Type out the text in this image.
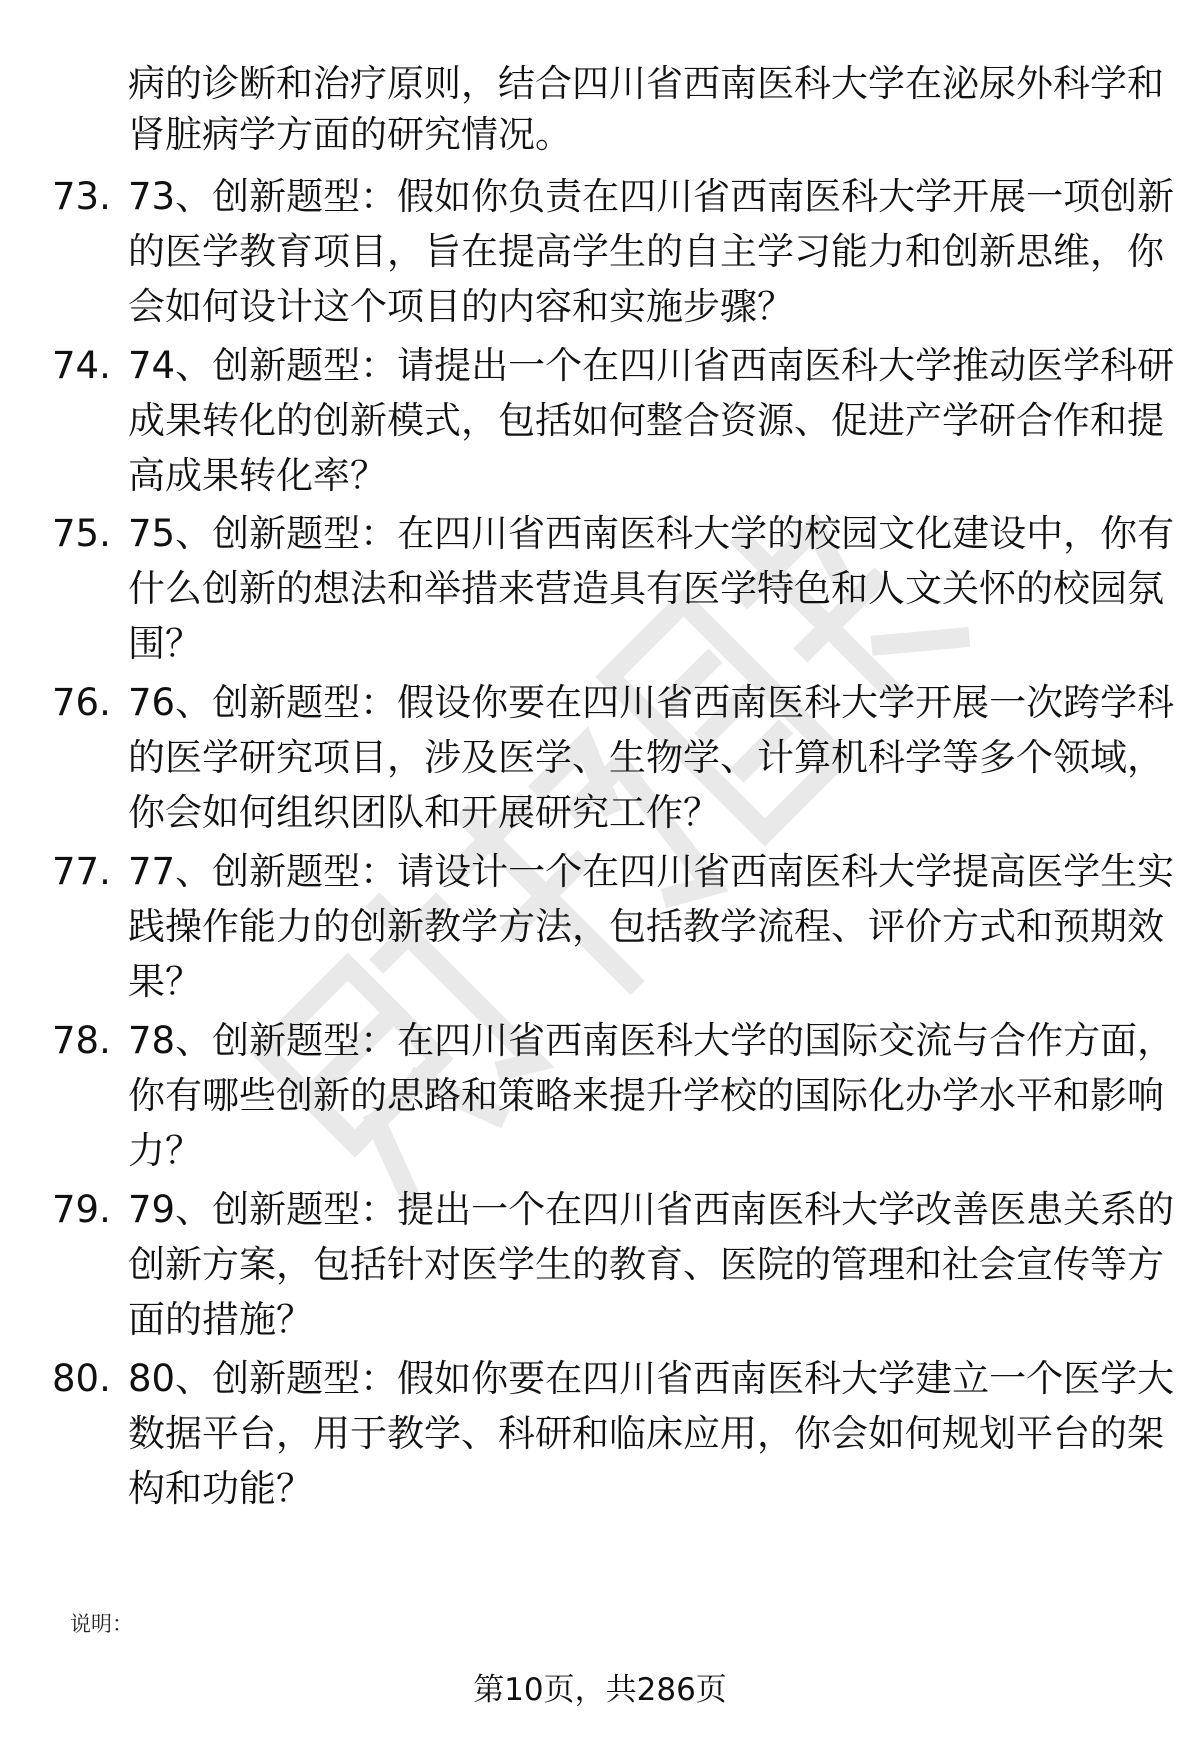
病的诊断和治疗原则，结合四川省西南医科大学在泌尿外科学和
肾脏病学方面的研究情况。
73. 73、创新题型：假如你负责在四川省西南医科大学开展一项创新
的医学教育项目，旨在提高学生的自主学习能力和创新思维，你
会如何设计这个项目的内容和实施步骤？
74. 74、创新题型：请提出一个在四川省西南医科大学推动医学科研
成果转化的创新模式，包括如何整合资源、促进产学研合作和提
高成果转化率？
75. 75、创新题型：在四川省西南医科大学的校园文化建设中，你有
什么创新的想法和举措来营造具有医学特色和人文关怀的校园氛
围？
76. 76、创新题型：假设你要在四川省西南医科大学开展一次跨学科
的医学研究项目，涉及医学、生物学、计算机科学等多个领域，
你会如何组织团队和开展研究工作？
77. 77、创新题型：请设计一个在四川省西南医科大学提高医学生实
践操作能力的创新教学方法，包括教学流程、评价方式和预期效
果？
78. 78、创新题型：在四川省西南医科大学的国际交流与合作方面，
你有哪些创新的思路和策略来提升学校的国际化办学水平和影响
力？
79. 79、创新题型：提出一个在四川省西南医科大学改善医患关系的
创新方案，包括针对医学生的教育、医院的管理和社会宣传等方
面的措施？
80. 80、创新题型：假如你要在四川省西南医科大学建立一个医学大
数据平台，用于教学、科研和临床应用，你会如何规划平台的架
构和功能？
说明：
第10页，共286页
